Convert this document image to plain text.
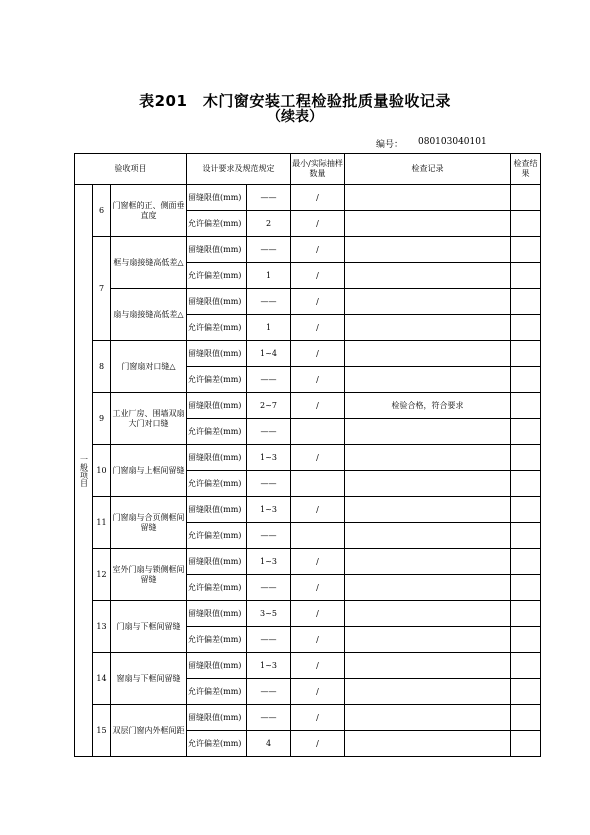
表201　木门窗安装工程检验批质量验收记录
（续表）
编号： 080103040101
验收项目			设计要求及规范规定		最小/实际抽样数量	检查记录	检查结果
一般项目	6	门窗框的正、侧面垂直度	留缝限值(mm)	——	/		
			允许偏差(mm)	2	/		
	7	框与扇接缝高低差△	留缝限值(mm)	——	/		
			允许偏差(mm)	1	/		
		扇与扇接缝高低差△	留缝限值(mm)	——	/		
			允许偏差(mm)	1	/		
	8	门窗扇对口缝△	留缝限值(mm)	1~4	/		
			允许偏差(mm)	——	/		
	9	工业厂房、围墙双扇大门对口缝	留缝限值(mm)	2~7	/	检验合格，符合要求	
			允许偏差(mm)	——			
	10	门窗扇与上框间留缝	留缝限值(mm)	1~3	/		
			允许偏差(mm)	——			
	11	门窗扇与合页侧框间留缝	留缝限值(mm)	1~3	/		
			允许偏差(mm)	——			
	12	室外门扇与锁侧框间留缝	留缝限值(mm)	1~3	/		
			允许偏差(mm)	——	/		
	13	门扇与下框间留缝	留缝限值(mm)	3~5	/		
			允许偏差(mm)	——	/		
	14	窗扇与下框间留缝	留缝限值(mm)	1~3	/		
			允许偏差(mm)	——	/		
	15	双层门窗内外框间距	留缝限值(mm)	——	/		
			允许偏差(mm)	4	/		
